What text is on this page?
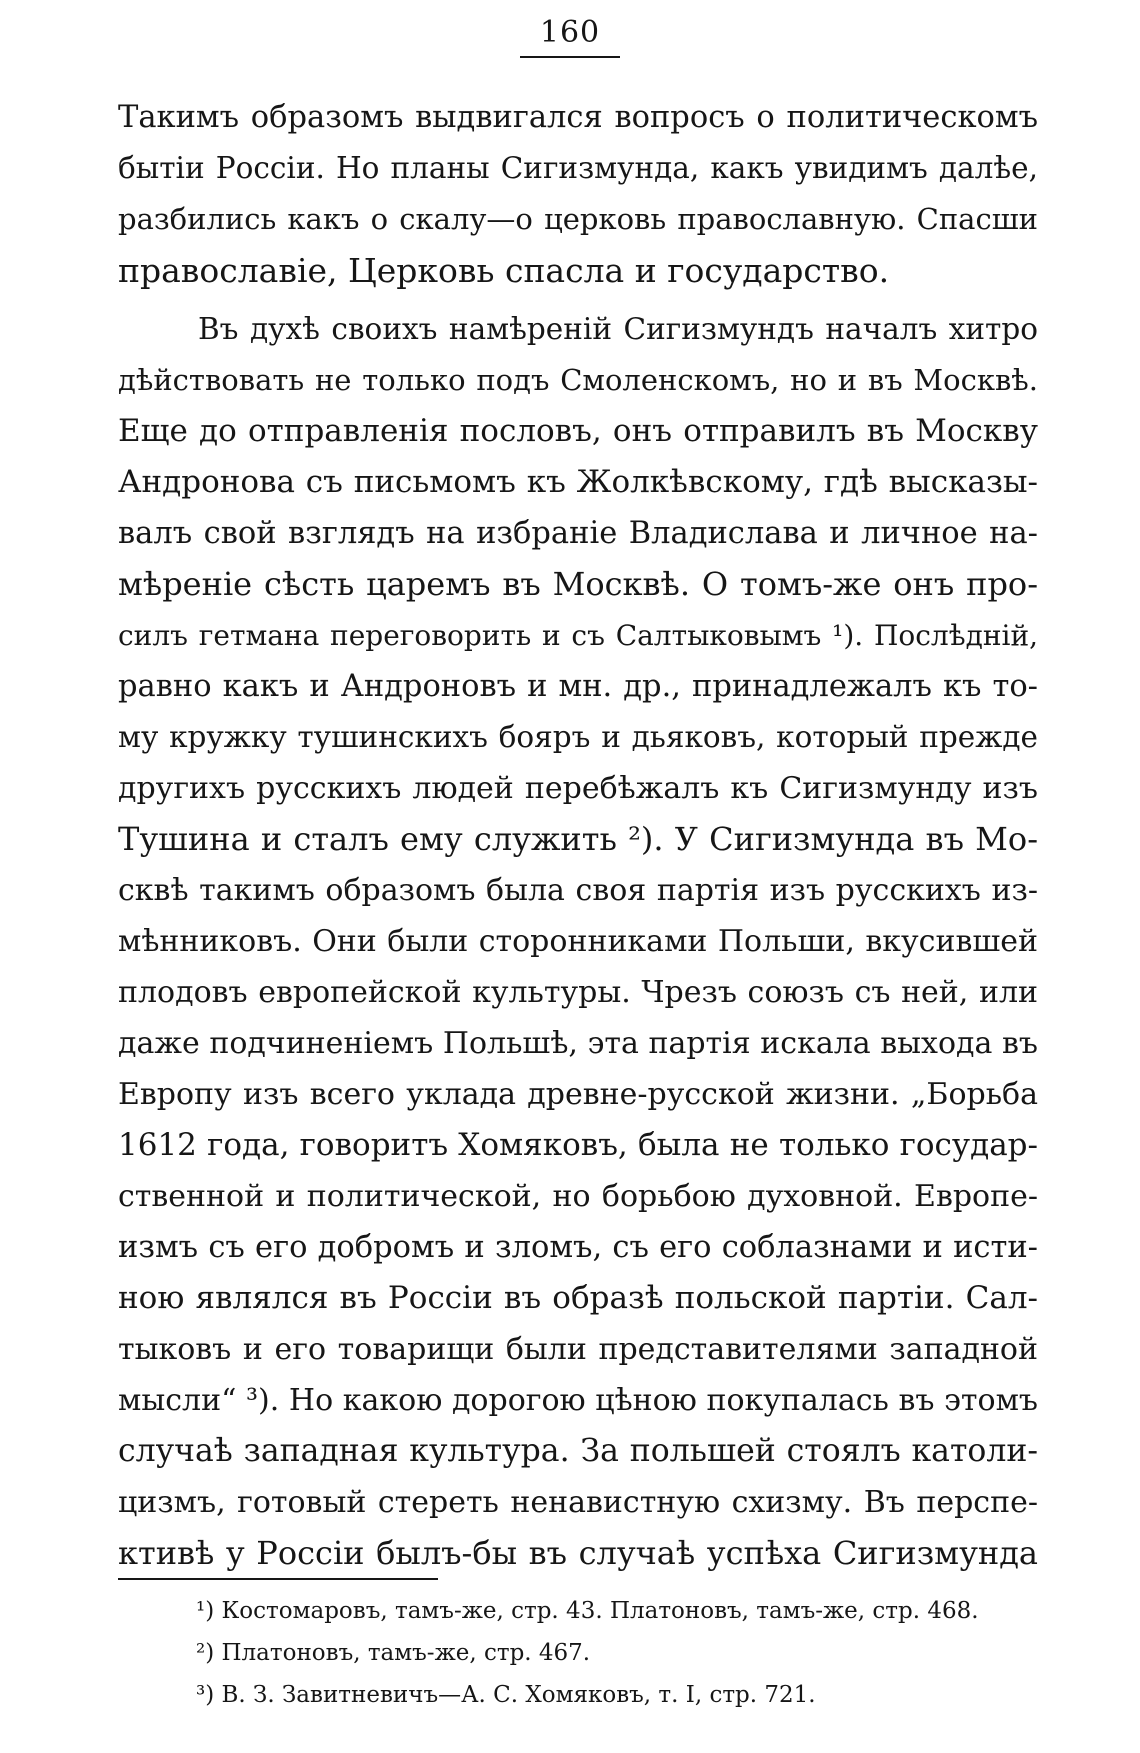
160
Такимъ образомъ выдвигался вопросъ о политическомъ
бытіи Россіи. Но планы Сигизмунда, какъ увидимъ далѣе,
разбились какъ о скалу—о церковь православную. Спасши
православіе, Церковь спасла и государство.
Въ духѣ своихъ намѣреній Сигизмундъ началъ хитро
дѣйствовать не только подъ Смоленскомъ, но и въ Москвѣ.
Еще до отправленія пословъ, онъ отправилъ въ Москву
Андронова съ письмомъ къ Жолкѣвскому, гдѣ высказы-
валъ свой взглядъ на избраніе Владислава и личное на-
мѣреніе сѣсть царемъ въ Москвѣ. О томъ-же онъ про-
силъ гетмана переговорить и съ Салтыковымъ ¹). Послѣдній,
равно какъ и Андроновъ и мн. др., принадлежалъ къ то-
му кружку тушинскихъ бояръ и дьяковъ, который прежде
другихъ русскихъ людей перебѣжалъ къ Сигизмунду изъ
Тушина и сталъ ему служить ²). У Сигизмунда въ Мо-
сквѣ такимъ образомъ была своя партія изъ русскихъ из-
мѣнниковъ. Они были сторонниками Польши, вкусившей
плодовъ европейской культуры. Чрезъ союзъ съ ней, или
даже подчиненіемъ Польшѣ, эта партія искала выхода въ
Европу изъ всего уклада древне-русской жизни. „Борьба
1612 года, говоритъ Хомяковъ, была не только государ-
ственной и политической, но борьбою духовной. Европе-
измъ съ его добромъ и зломъ, съ его соблазнами и исти-
ною являлся въ Россіи въ образѣ польской партіи. Сал-
тыковъ и его товарищи были представителями западной
мысли“ ³). Но какою дорогою цѣною покупалась въ этомъ
случаѣ западная культура. За польшей стоялъ католи-
цизмъ, готовый стереть ненавистную схизму. Въ перспе-
ктивѣ у Россіи былъ-бы въ случаѣ успѣха Сигизмунда
¹) Костомаровъ, тамъ-же, стр. 43. Платоновъ, тамъ-же, стр. 468.
²) Платоновъ, тамъ-же, стр. 467.
³) В. З. Завитневичъ—А. С. Хомяковъ, т. I, стр. 721.
